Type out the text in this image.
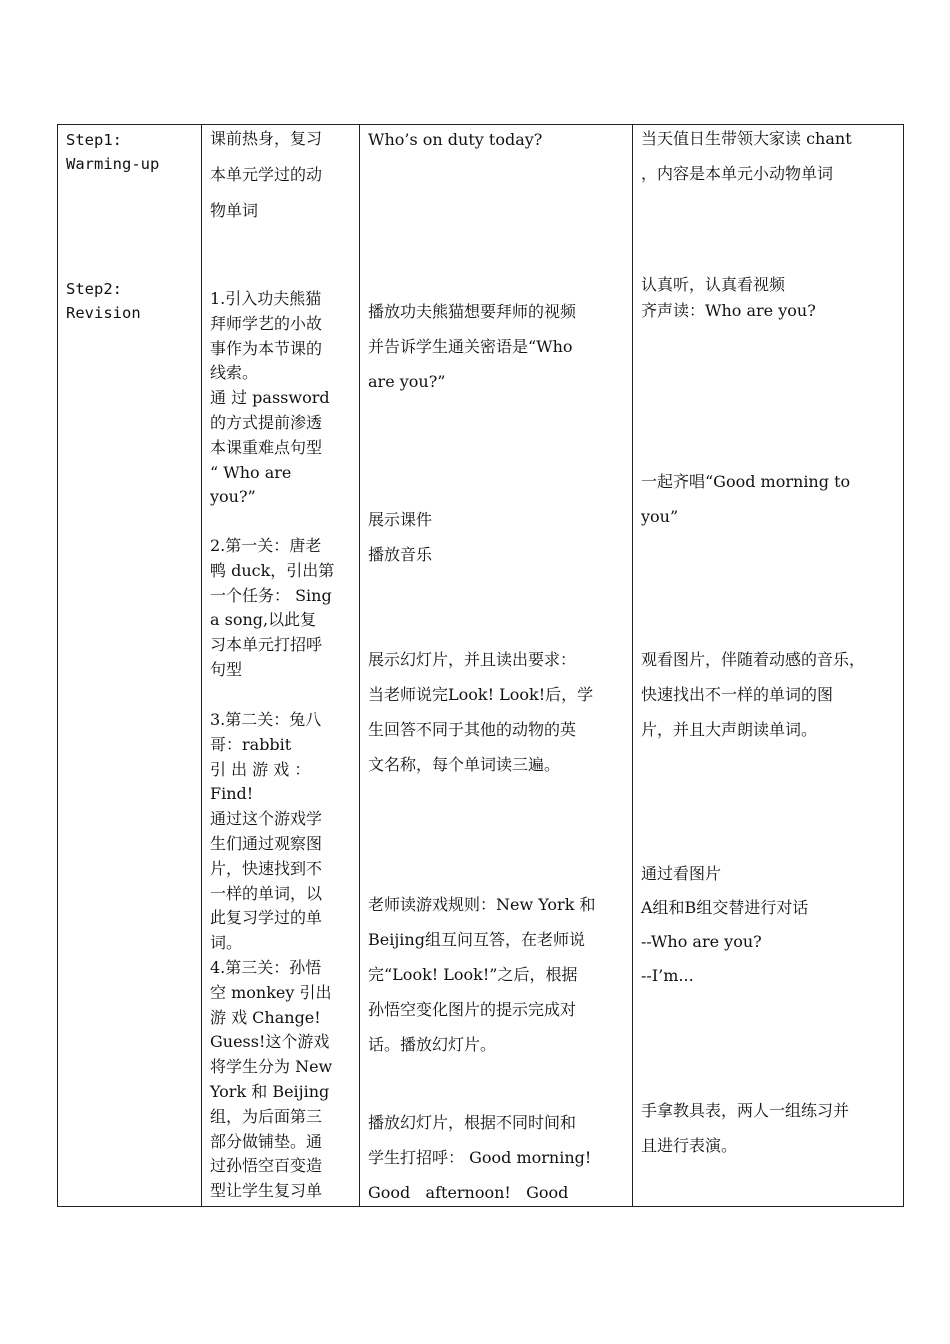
Step1:
Warming-up
Step2:
Revision
课前热身，复习
本单元学过的动
物单词
1.引入功夫熊猫
拜师学艺的小故
事作为本节课的
线索。
通 过 password
的方式提前渗透
本课重难点句型
“ Who are
you?”
2.第一关：唐老
鸭 duck，引出第
一个任务： Sing
a song,以此复
习本单元打招呼
句型
3.第二关：兔八
哥：rabbit
引 出 游 戏 ：
Find!
通过这个游戏学
生们通过观察图
片，快速找到不
一样的单词，以
此复习学过的单
词。
4.第三关：孙悟
空 monkey 引出
游 戏 Change!
Guess!这个游戏
将学生分为 New
York 和 Beijing
组，为后面第三
部分做铺垫。通
过孙悟空百变造
型让学生复习单
Who’s on duty today?
播放功夫熊猫想要拜师的视频
并告诉学生通关密语是“Who
are you?”
展示课件
播放音乐
展示幻灯片，并且读出要求：
当老师说完Look! Look!后，学
生回答不同于其他的动物的英
文名称，每个单词读三遍。
老师读游戏规则：New York 和
Beijing组互问互答，在老师说
完“Look! Look!”之后，根据
孙悟空变化图片的提示完成对
话。播放幻灯片。
播放幻灯片，根据不同时间和
学生打招呼： Good morning!
Good   afternoon!   Good
当天值日生带领大家读 chant
，内容是本单元小动物单词
认真听，认真看视频
齐声读：Who are you?
一起齐唱“Good morning to
you”
观看图片，伴随着动感的音乐，
快速找出不一样的单词的图
片，并且大声朗读单词。
通过看图片
A组和B组交替进行对话
--Who are you?
--I’m...
手拿教具表，两人一组练习并
且进行表演。
